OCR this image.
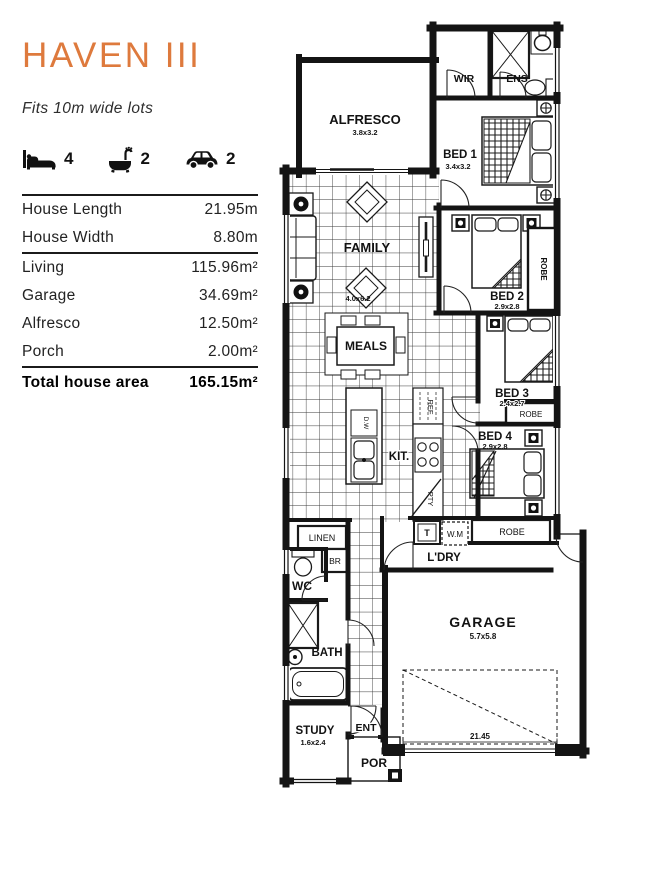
HAVEN III
Fits 10m wide lots
4	2	2
House Length	21.95m
House Width	8.80m
Living	115.96m²
Garage	34.69m²
Alfresco	12.50m²
Porch	2.00m²
Total house area	165.15m²
ALFRESCO
3.8x3.2
WIR	ENS
BED 1
3.4x3.2
FAMILY
4.0x6.2	BED 2
2.9x2.8
ROBE
BED 3
2.4x2.7
ROBE
BED 4
2.9x2.8
ROBE
MEALS
KIT.
REF
PTY
D.W
LINEN
BR
WC
BATH
L'DRY
W.M
T
GARAGE
5.7x5.8
STUDY
1.6x2.4
ENT
POR
21.45
